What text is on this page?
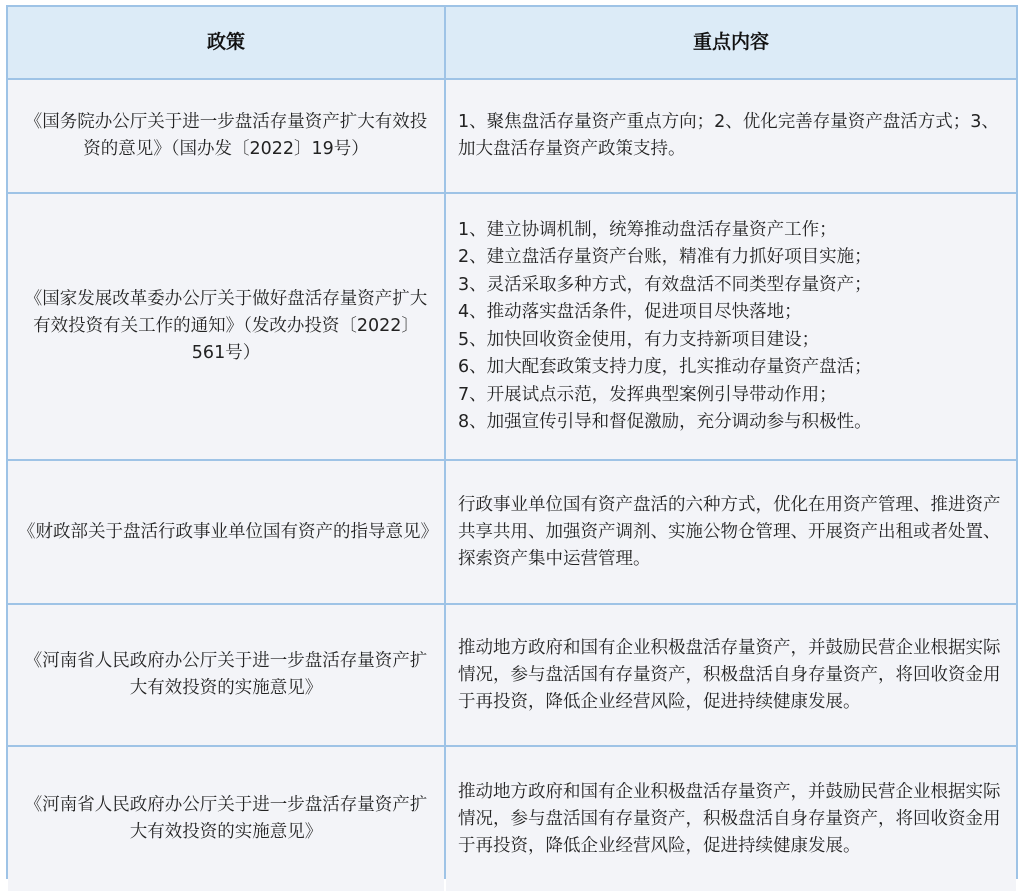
政策	重点内容
《国务院办公厅关于进一步盘活存量资产扩大有效投资的意见》（国办发〔2022〕19号）
1、聚焦盘活存量资产重点方向；2、优化完善存量资产盘活方式；3、加大盘活存量资产政策支持。
《国家发展改革委办公厅关于做好盘活存量资产扩大有效投资有关工作的通知》（发改办投资〔2022〕561号）
1、建立协调机制，统筹推动盘活存量资产工作；
2、建立盘活存量资产台账，精准有力抓好项目实施；
3、灵活采取多种方式，有效盘活不同类型存量资产；
4、推动落实盘活条件，促进项目尽快落地；
5、加快回收资金使用，有力支持新项目建设；
6、加大配套政策支持力度，扎实推动存量资产盘活；
7、开展试点示范，发挥典型案例引导带动作用；
8、加强宣传引导和督促激励，充分调动参与积极性。
《财政部关于盘活行政事业单位国有资产的指导意见》
行政事业单位国有资产盘活的六种方式，优化在用资产管理、推进资产共享共用、加强资产调剂、实施公物仓管理、开展资产出租或者处置、探索资产集中运营管理。
《河南省人民政府办公厅关于进一步盘活存量资产扩大有效投资的实施意见》
推动地方政府和国有企业积极盘活存量资产，并鼓励民营企业根据实际情况，参与盘活国有存量资产，积极盘活自身存量资产，将回收资金用于再投资，降低企业经营风险，促进持续健康发展。
《河南省人民政府办公厅关于进一步盘活存量资产扩大有效投资的实施意见》
推动地方政府和国有企业积极盘活存量资产，并鼓励民营企业根据实际情况，参与盘活国有存量资产，积极盘活自身存量资产，将回收资金用于再投资，降低企业经营风险，促进持续健康发展。
